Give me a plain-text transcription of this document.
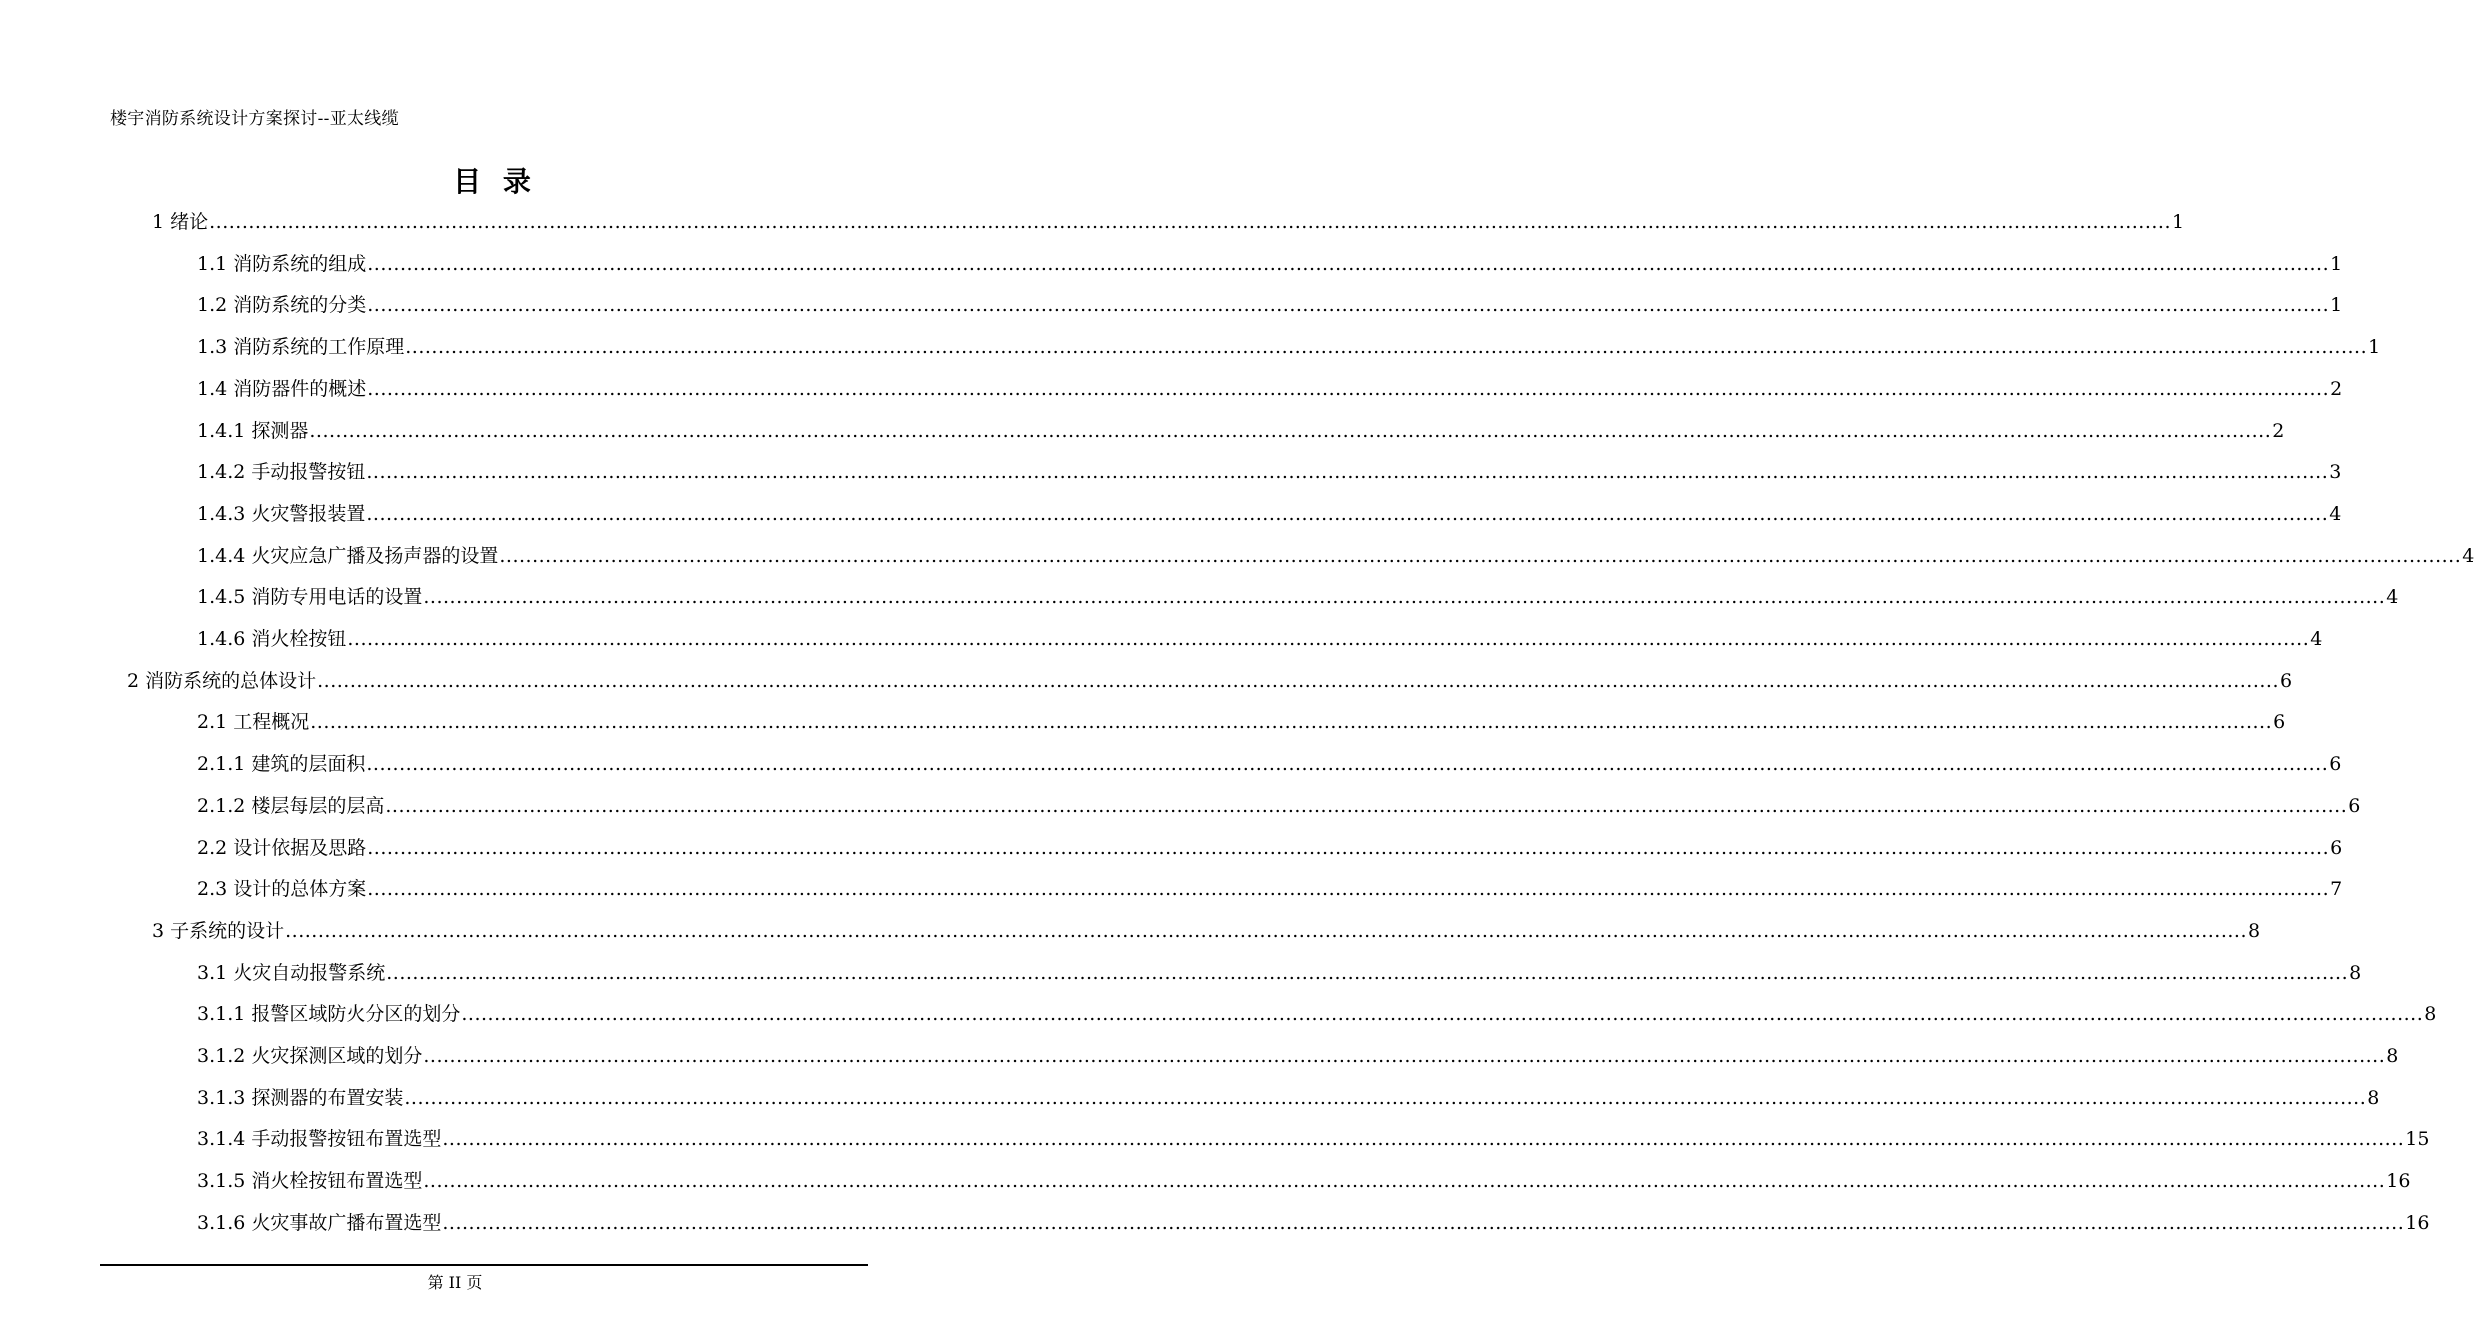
楼宇消防系统设计方案探讨--亚太线缆
目 录
1 绪论 ............................................................................................................................................................................................................................................................................................................ 1
1.1 消防系统的组成 ............................................................................................................................................................................................................................................................................................................ 1
1.2 消防系统的分类 ............................................................................................................................................................................................................................................................................................................ 1
1.3 消防系统的工作原理 ............................................................................................................................................................................................................................................................................................................ 1
1.4 消防器件的概述 ............................................................................................................................................................................................................................................................................................................ 2
1.4.1 探测器 ............................................................................................................................................................................................................................................................................................................ 2
1.4.2 手动报警按钮 ............................................................................................................................................................................................................................................................................................................ 3
1.4.3 火灾警报装置 ............................................................................................................................................................................................................................................................................................................ 4
1.4.4 火灾应急广播及扬声器的设置 ............................................................................................................................................................................................................................................................................................................ 4
1.4.5 消防专用电话的设置 ............................................................................................................................................................................................................................................................................................................ 4
1.4.6 消火栓按钮 ............................................................................................................................................................................................................................................................................................................ 4
2 消防系统的总体设计 ............................................................................................................................................................................................................................................................................................................ 6
2.1 工程概况 ............................................................................................................................................................................................................................................................................................................ 6
2.1.1 建筑的层面积 ............................................................................................................................................................................................................................................................................................................ 6
2.1.2 楼层每层的层高 ............................................................................................................................................................................................................................................................................................................ 6
2.2 设计依据及思路 ............................................................................................................................................................................................................................................................................................................ 6
2.3 设计的总体方案 ............................................................................................................................................................................................................................................................................................................ 7
3 子系统的设计 ............................................................................................................................................................................................................................................................................................................ 8
3.1 火灾自动报警系统 ............................................................................................................................................................................................................................................................................................................ 8
3.1.1 报警区域防火分区的划分 ............................................................................................................................................................................................................................................................................................................ 8
3.1.2 火灾探测区域的划分 ............................................................................................................................................................................................................................................................................................................ 8
3.1.3 探测器的布置安装 ............................................................................................................................................................................................................................................................................................................ 8
3.1.4 手动报警按钮布置选型 ............................................................................................................................................................................................................................................................................................................ 15
3.1.5 消火栓按钮布置选型 ............................................................................................................................................................................................................................................................................................................ 16
3.1.6 火灾事故广播布置选型 ............................................................................................................................................................................................................................................................................................................ 16
第 II 页
